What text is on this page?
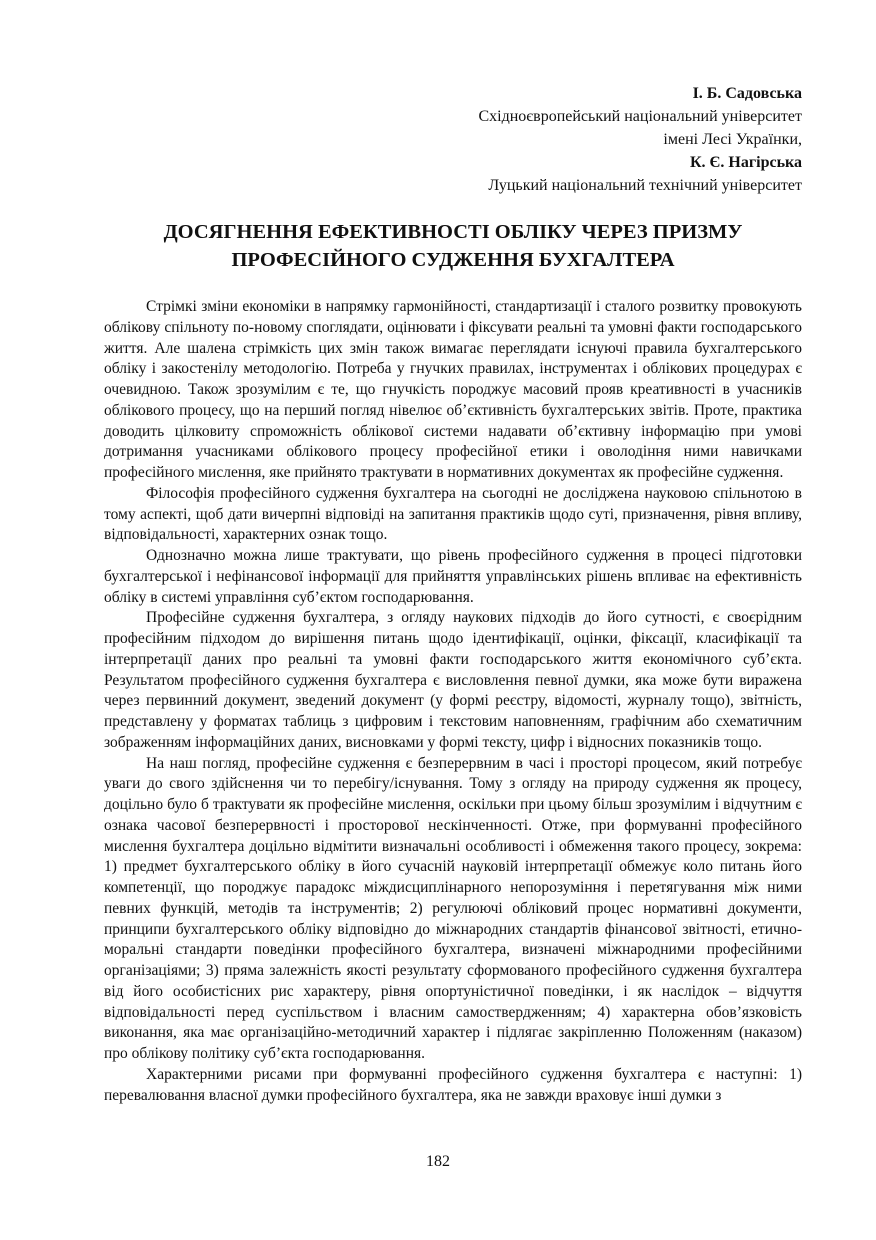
І. Б. Садовська
Східноєвропейський національний університет
імені Лесі Українки,
К. Є. Нагірська
Луцький національний технічний університет
ДОСЯГНЕННЯ ЕФЕКТИВНОСТІ ОБЛІКУ ЧЕРЕЗ ПРИЗМУ
ПРОФЕСІЙНОГО СУДЖЕННЯ БУХГАЛТЕРА

Стрімкі зміни економіки в напрямку гармонійності, стандартизації і сталого розвитку провокують облікову спільноту по-новому споглядати, оцінювати і фіксувати реальні та умовні факти господарського життя. Але шалена стрімкість цих змін також вимагає переглядати існуючі правила бухгалтерського обліку і закостенілу методологію. Потреба у гнучких правилах, інструментах і облікових процедурах є очевидною. Також зрозумілим є те, що гнучкість породжує масовий прояв креативності в учасників облікового процесу, що на перший погляд нівелює об’єктивність бухгалтерських звітів. Проте, практика доводить цілковиту спроможність облікової системи надавати об’єктивну інформацію при умові дотримання учасниками облікового процесу професійної етики і оволодіння ними навичками професійного мислення, яке прийнято трактувати в нормативних документах як професійне судження.

Філософія професійного судження бухгалтера на сьогодні не досліджена науковою спільнотою в тому аспекті, щоб дати вичерпні відповіді на запитання практиків щодо суті, призначення, рівня впливу, відповідальності, характерних ознак тощо.

Однозначно можна лише трактувати, що рівень професійного судження в процесі підготовки бухгалтерської і нефінансової інформації для прийняття управлінських рішень впливає на ефективність обліку в системі управління суб’єктом господарювання.

Професійне судження бухгалтера, з огляду наукових підходів до його сутності, є своєрідним професійним підходом до вирішення питань щодо ідентифікації, оцінки, фіксації, класифікації та інтерпретації даних про реальні та умовні факти господарського життя економічного суб’єкта. Результатом професійного судження бухгалтера є висловлення певної думки, яка може бути виражена через первинний документ, зведений документ (у формі реєстру, відомості, журналу тощо), звітність, представлену у форматах таблиць з цифровим і текстовим наповненням, графічним або схематичним зображенням інформаційних даних, висновками у формі тексту, цифр і відносних показників тощо.

На наш погляд, професійне судження є безперервним в часі і просторі процесом, який потребує уваги до свого здійснення чи то перебігу/існування. Тому з огляду на природу судження як процесу, доцільно було б трактувати як професійне мислення, оскільки при цьому більш зрозумілим і відчутним є ознака часової безперервності і просторової нескінченності. Отже, при формуванні професійного мислення бухгалтера доцільно відмітити визначальні особливості і обмеження такого процесу, зокрема: 1) предмет бухгалтерського обліку в його сучасній науковій інтерпретації обмежує коло питань його компетенції, що породжує парадокс міждисциплінарного непорозуміння і перетягування між ними певних функцій, методів та інструментів; 2) регулюючі обліковий процес нормативні документи, принципи бухгалтерського обліку відповідно до міжнародних стандартів фінансової звітності, етично-моральні стандарти поведінки професійного бухгалтера, визначені міжнародними професійними організаціями; 3) пряма залежність якості результату сформованого професійного судження бухгалтера від його особистісних рис характеру, рівня опортуністичної поведінки, і як наслідок – відчуття відповідальності перед суспільством і власним самоствердженням; 4) характерна обов’язковість виконання, яка має організаційно-методичний характер і підлягає закріпленню Положенням (наказом) про облікову політику суб’єкта господарювання.

Характерними рисами при формуванні професійного судження бухгалтера є наступні: 1) перевалювання власної думки професійного бухгалтера, яка не завжди враховує інші думки з

182
